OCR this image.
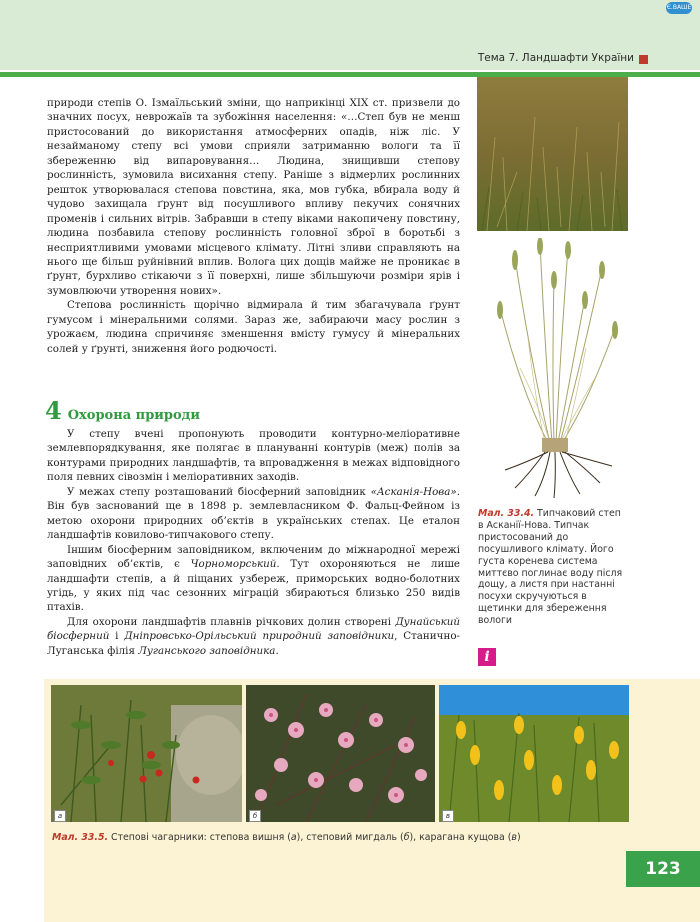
Є.ВАШЕ
Тема 7. Ландшафти України

природи степів О. Ізмаїльський зміни, що наприкінці XIX ст. призвели до значних посух, неврожаїв та зубожіння населення: «…Степ був не менш пристосований до використання атмосферних опадів, ніж ліс. У незайманому степу всі умови сприяли затриманню вологи та її збереженню від випаровування… Людина, знищивши степову рослинність, зумовила висихання степу. Раніше з відмерлих рослинних решток утворювалася степова повстина, яка, мов губка, вбирала воду й чудово захищала ґрунт від посушливого впливу пекучих сонячних променів і сильних вітрів. Забравши в степу віками накопичену повстину, людина позбавила степову рослинність головної зброї в боротьбі з несприятливими умовами місцевого клімату. Літні зливи справляють на нього ще більш руйнівний вплив. Волога цих дощів майже не проникає в ґрунт, бурхливо стікаючи з її поверхні, лише збільшуючи розміри ярів і зумовлюючи утворення нових».

Степова рослинність щорічно відмирала й тим збагачувала ґрунт гумусом і мінеральними солями. Зараз же, забираючи масу рослин з урожаєм, людина спричиняє зменшення вмісту гумусу й мінеральних солей у ґрунті, зниження його родючості.

4 Охорона природи

У степу вчені пропонують проводити контурно-меліоративне землевпорядкування, яке полягає в плануванні контурів (меж) полів за контурами природних ландшафтів, та впровадження в межах відповідного поля певних сівозмін і меліоративних заходів.

У межах степу розташований біосферний заповідник «Асканія-Нова». Він був заснований ще в 1898 р. землевласником Ф. Фальц-Фейном із метою охорони природних об’єктів в українських степах. Це еталон ландшафтів ковилово-типчакового степу.

Іншим біосферним заповідником, включеним до міжнародної мережі заповідних об’єктів, є Чорноморський. Тут охороняються не лише ландшафти степів, а й піщаних узбереж, приморських водно-болотних угідь, у яких під час сезонних міграцій збираються близько 250 видів птахів.

Для охорони ландшафтів плавнів річкових долин створені Дунайський біосферний і Дніпровсько-Орільський природний заповідники, Станично-Луганська філія Луганського заповідника.

Мал. 33.4. Типчаковий степ в Асканії-Нова. Типчак пристосований до посушливого клімату. Його густа коренева система миттєво поглинає воду після дощу, а листя при настанні посухи скручуються в щетинки для збереження вологи
i
а	б	в
Мал. 33.5. Степові чагарники: степова вишня (а), степовий мигдаль (б), карагана кущова (в)
123
